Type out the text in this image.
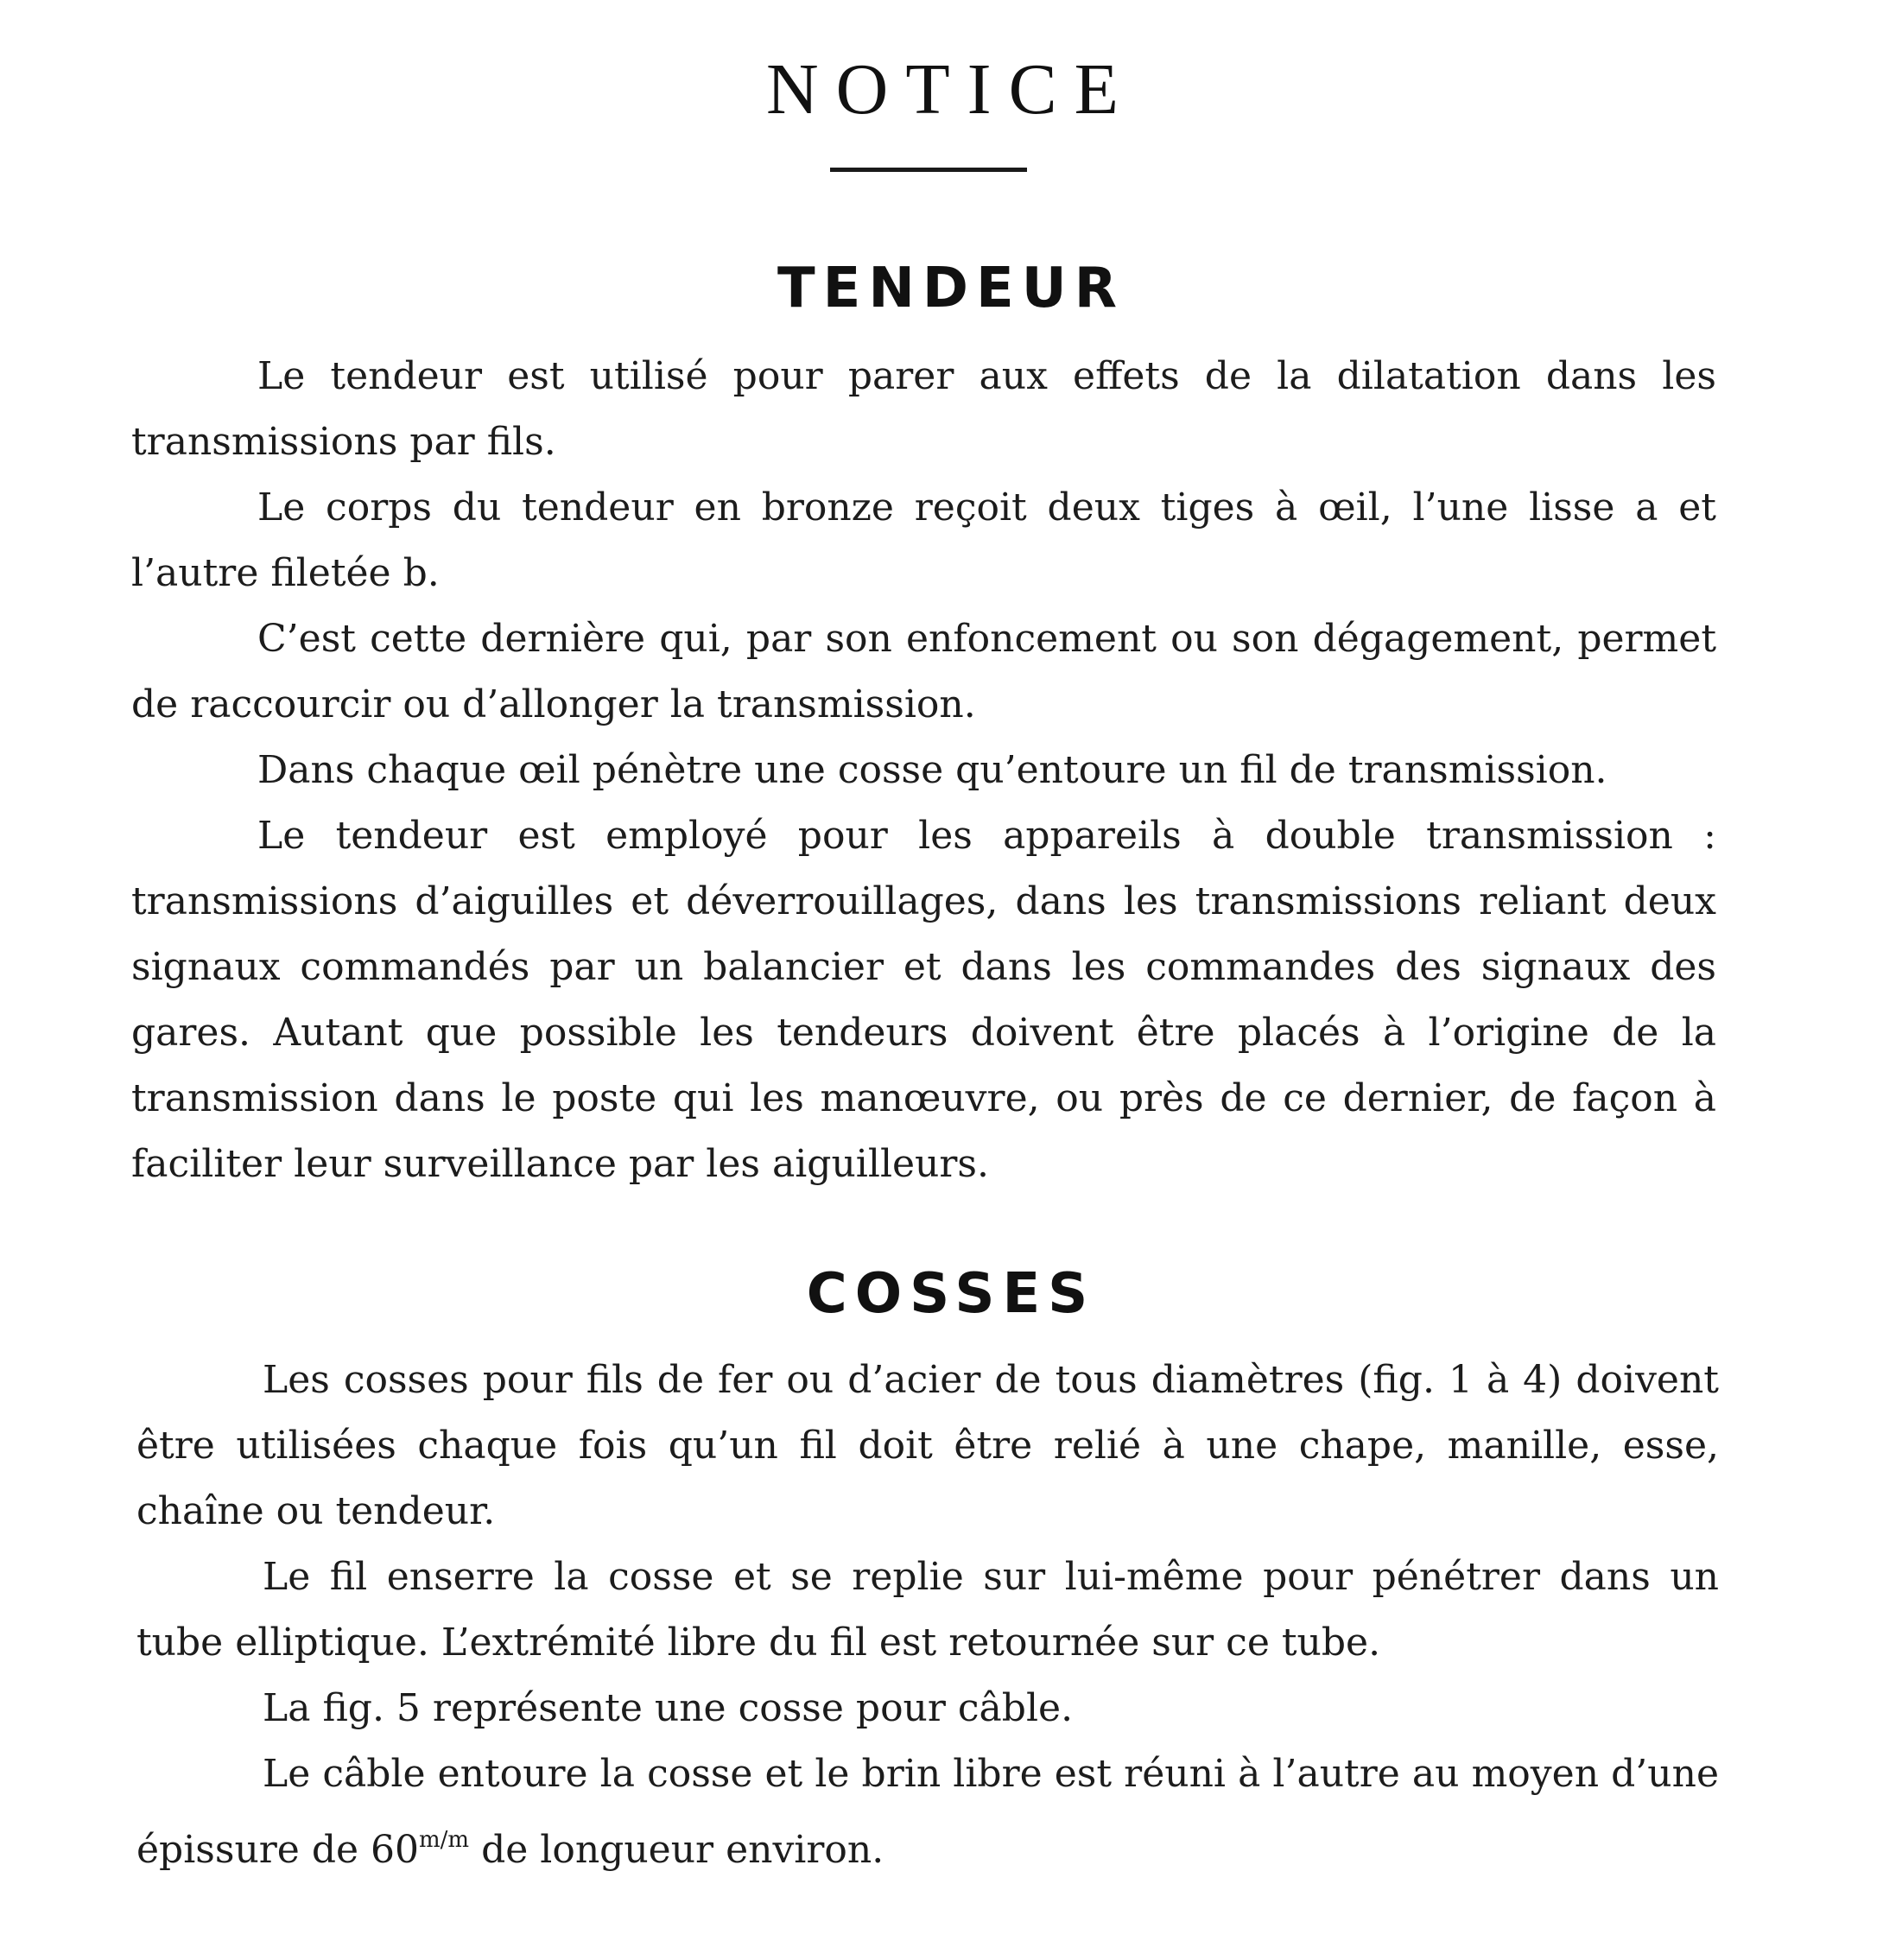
NOTICE
TENDEUR

Le tendeur est utilisé pour parer aux effets de la dilatation dans les transmissions par fils.

Le corps du tendeur en bronze reçoit deux tiges à œil, l’une lisse a et l’autre filetée b.

C’est cette dernière qui, par son enfoncement ou son dégagement, permet de raccourcir ou d’allonger la transmission.

Dans chaque œil pénètre une cosse qu’entoure un fil de transmission.

Le tendeur est employé pour les appareils à double transmission : transmissions d’aiguilles et déverrouillages, dans les transmissions reliant deux signaux commandés par un balancier et dans les commandes des signaux des gares. Autant que possible les tendeurs doivent être placés à l’origine de la transmission dans le poste qui les manœuvre, ou près de ce dernier, de façon à faciliter leur surveillance par les aiguilleurs.

COSSES

Les cosses pour fils de fer ou d’acier de tous diamètres (fig. 1 à 4) doivent être utilisées chaque fois qu’un fil doit être relié à une chape, manille, esse, chaîne ou tendeur.

Le fil enserre la cosse et se replie sur lui-même pour pénétrer dans un tube elliptique. L’extrémité libre du fil est retournée sur ce tube.

La fig. 5 représente une cosse pour câble.

Le câble entoure la cosse et le brin libre est réuni à l’autre au moyen d’une épissure de $60^{m/m}$ de longueur environ.
